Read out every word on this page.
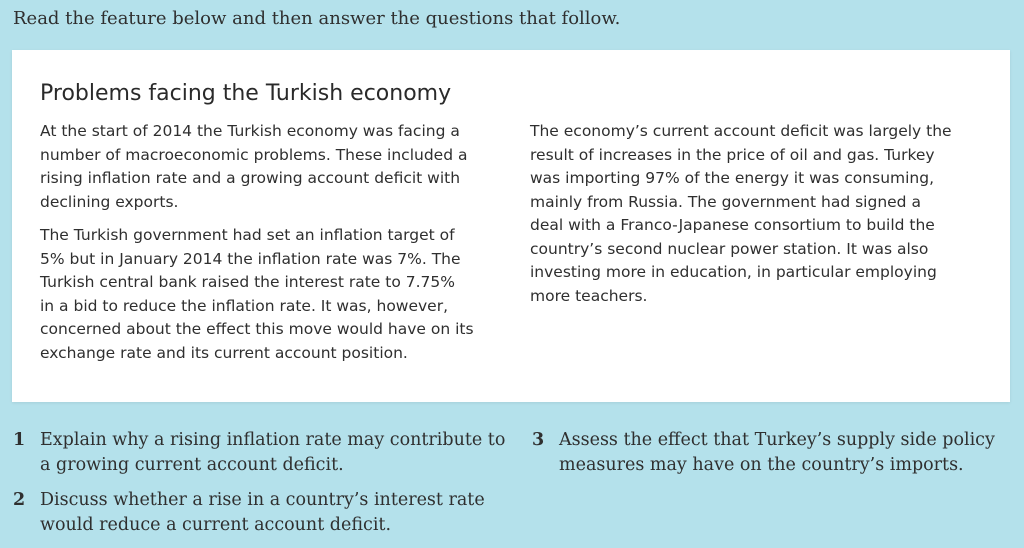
Read the feature below and then answer the questions that follow.

Problems facing the Turkish economy

At the start of 2014 the Turkish economy was facing a
number of macroeconomic problems. These included a
rising inflation rate and a growing account deficit with
declining exports.

The Turkish government had set an inflation target of
5% but in January 2014 the inflation rate was 7%. The
Turkish central bank raised the interest rate to 7.75%
in a bid to reduce the inflation rate. It was, however,
concerned about the effect this move would have on its
exchange rate and its current account position.

The economy’s current account deficit was largely the
result of increases in the price of oil and gas. Turkey
was importing 97% of the energy it was consuming,
mainly from Russia. The government had signed a
deal with a Franco-Japanese consortium to build the
country’s second nuclear power station. It was also
investing more in education, in particular employing
more teachers.

1 Explain why a rising inflation rate may contribute to
a growing current account deficit.
2 Discuss whether a rise in a country’s interest rate
would reduce a current account deficit.
3 Assess the effect that Turkey’s supply side policy
measures may have on the country’s imports.
